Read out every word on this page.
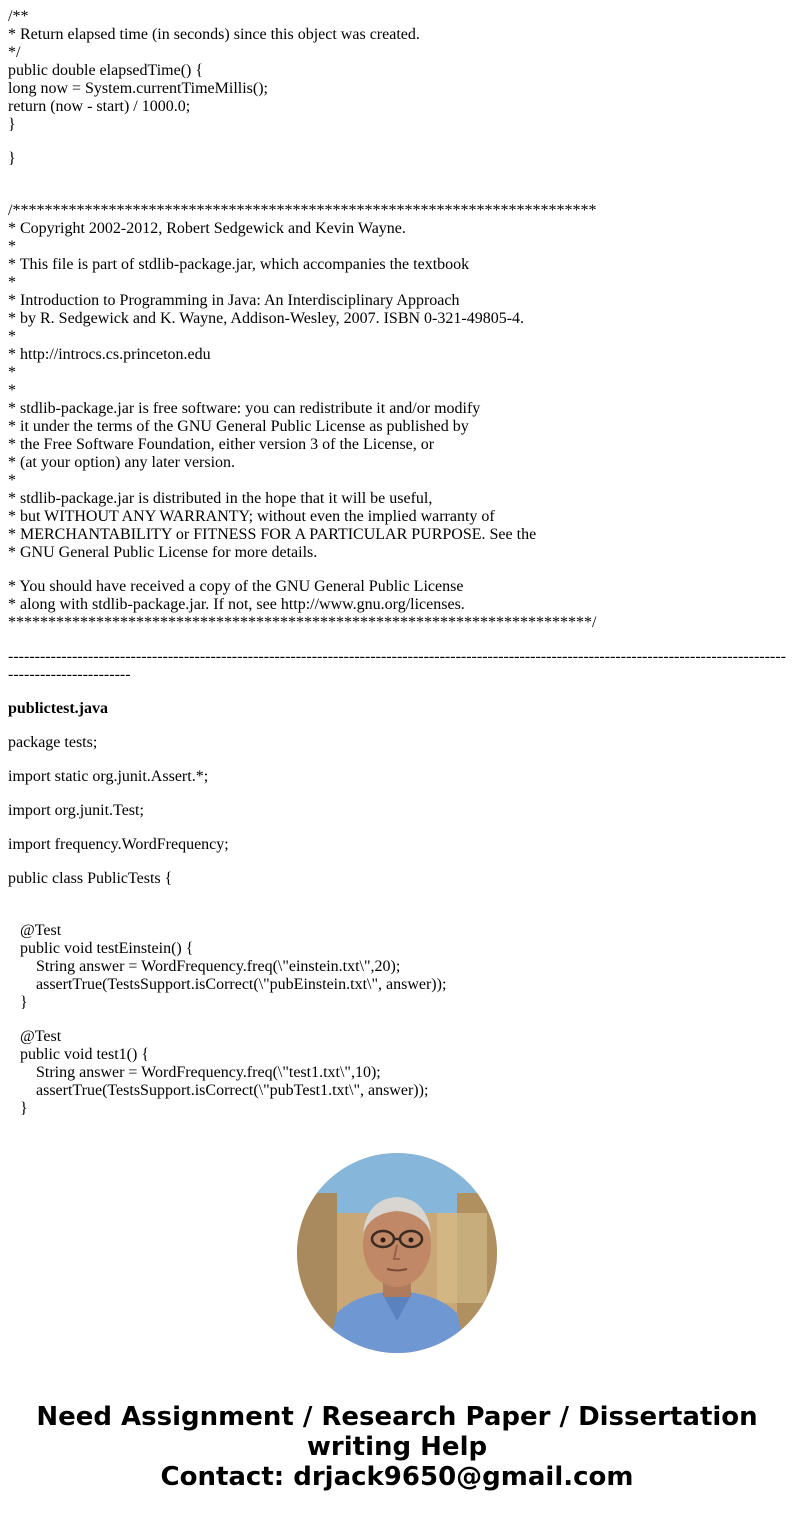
/**
* Return elapsed time (in seconds) since this object was created.
*/
public double elapsedTime() {
long now = System.currentTimeMillis();
return (now - start) / 1000.0;
}
}
/*************************************************************************
* Copyright 2002-2012, Robert Sedgewick and Kevin Wayne.
*
* This file is part of stdlib-package.jar, which accompanies the textbook
*
* Introduction to Programming in Java: An Interdisciplinary Approach
* by R. Sedgewick and K. Wayne, Addison-Wesley, 2007. ISBN 0-321-49805-4.
*
* http://introcs.cs.princeton.edu
*
*
* stdlib-package.jar is free software: you can redistribute it and/or modify
* it under the terms of the GNU General Public License as published by
* the Free Software Foundation, either version 3 of the License, or
* (at your option) any later version.
*
* stdlib-package.jar is distributed in the hope that it will be useful,
* but WITHOUT ANY WARRANTY; without even the implied warranty of
* MERCHANTABILITY or FITNESS FOR A PARTICULAR PURPOSE. See the
* GNU General Public License for more details.
* You should have received a copy of the GNU General Public License
* along with stdlib-package.jar. If not, see http://www.gnu.org/licenses.
*************************************************************************/
-------------------------------------------------------------------------------------------------------------------------------------------------------------------------
publictest.java
package tests;
import static org.junit.Assert.*;
import org.junit.Test;
import frequency.WordFrequency;
public class PublicTests {
@Test
public void testEinstein() {
String answer = WordFrequency.freq(\"einstein.txt\",20);
assertTrue(TestsSupport.isCorrect(\"pubEinstein.txt\", answer));
}
@Test
public void test1() {
String answer = WordFrequency.freq(\"test1.txt\",10);
assertTrue(TestsSupport.isCorrect(\"pubTest1.txt\", answer));
}
Need Assignment / Research Paper / Dissertation
writing Help
Contact: drjack9650@gmail.com
